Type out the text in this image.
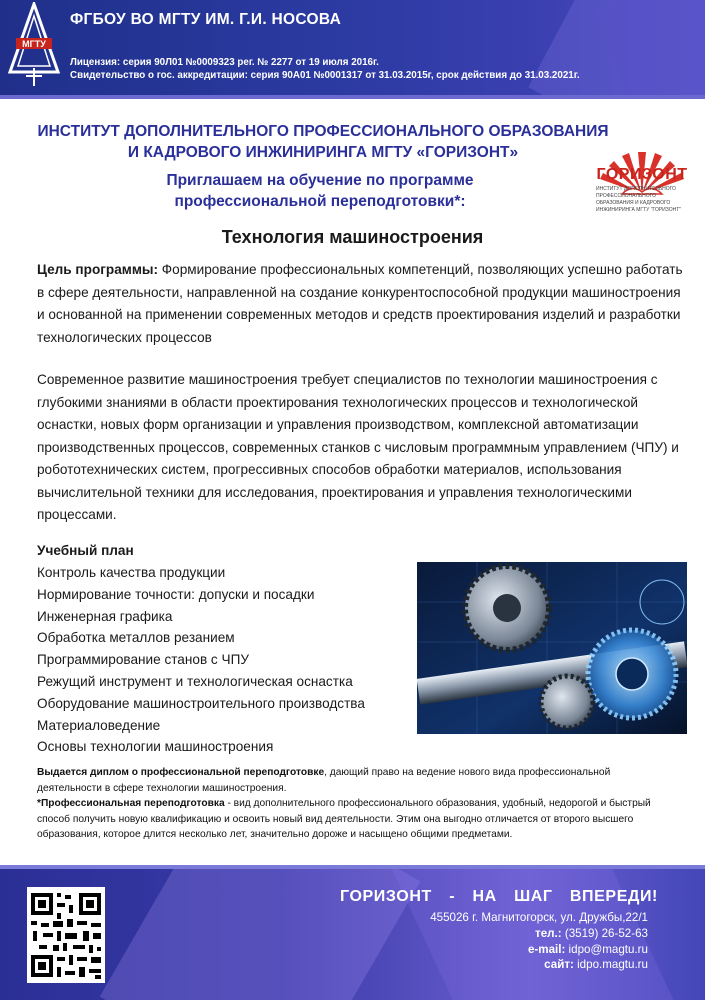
МГТУ
ФГБОУ ВО МГТУ ИМ. Г.И. НОСОВА
Лицензия: серия 90Л01 №0009323 рег. № 2277 от 19 июля 2016г.
Свидетельство о гос. аккредитации: серия 90А01 №0001317 от 31.03.2015г, срок действия до 31.03.2021г.
ИНСТИТУТ ДОПОЛНИТЕЛЬНОГО ПРОФЕССИОНАЛЬНОГО ОБРАЗОВАНИЯ
И КАДРОВОГО ИНЖИНИРИНГА МГТУ «ГОРИЗОНТ»
Приглашаем на обучение по программе
профессиональной переподготовки*:
Технология машиностроения
ГОРИЗОНТ
ИНСТИТУТ ДОПОЛНИТЕЛЬНОГО ПРОФЕССИОНАЛЬНОГО ОБРАЗОВАНИЯ И КАДРОВОГО ИНЖИНИРИНГА МГТУ "ГОРИЗОНТ"
Цель программы: Формирование профессиональных компетенций, позволяющих успешно работать в сфере деятельности, направленной на создание конкурентоспособной продукции машиностроения и основанной на применении современных методов и средств проектирования изделий и разработки технологических процессов
Современное развитие машиностроения требует специалистов по технологии машиностроения с глубокими знаниями в области проектирования технологических процессов и технологической оснастки, новых форм организации и управления производством, комплексной автоматизации производственных процессов, современных станков с числовым программным управлением (ЧПУ) и робототехнических систем, прогрессивных способов обработки материалов, использования вычислительной техники для исследования, проектирования и управления технологическими процессами.
Учебный план
Контроль качества продукции
Нормирование точности: допуски и посадки
Инженерная графика
Обработка металлов резанием
Программирование станов с ЧПУ
Режущий инструмент и технологическая оснастка
Оборудование машиностроительного производства
Материаловедение
Основы технологии машиностроения
Выдается диплом о профессиональной переподготовке, дающий право на ведение нового вида профессиональной деятельности в сфере технологии машиностроения.
*Профессиональная переподготовка - вид дополнительного профессионального образования, удобный, недорогой и быстрый способ получить новую квалификацию и освоить новый вид деятельности. Этим она выгодно отличается от второго высшего образования, которое длится несколько лет, значительно дороже и насыщено общими предметами.
ГОРИЗОНТ - НА ШАГ ВПЕРЕДИ!
455026 г. Магнитогорск, ул. Дружбы,22/1
тел.: (3519) 26-52-63
e-mail: idpo@magtu.ru
сайт: idpo.magtu.ru
